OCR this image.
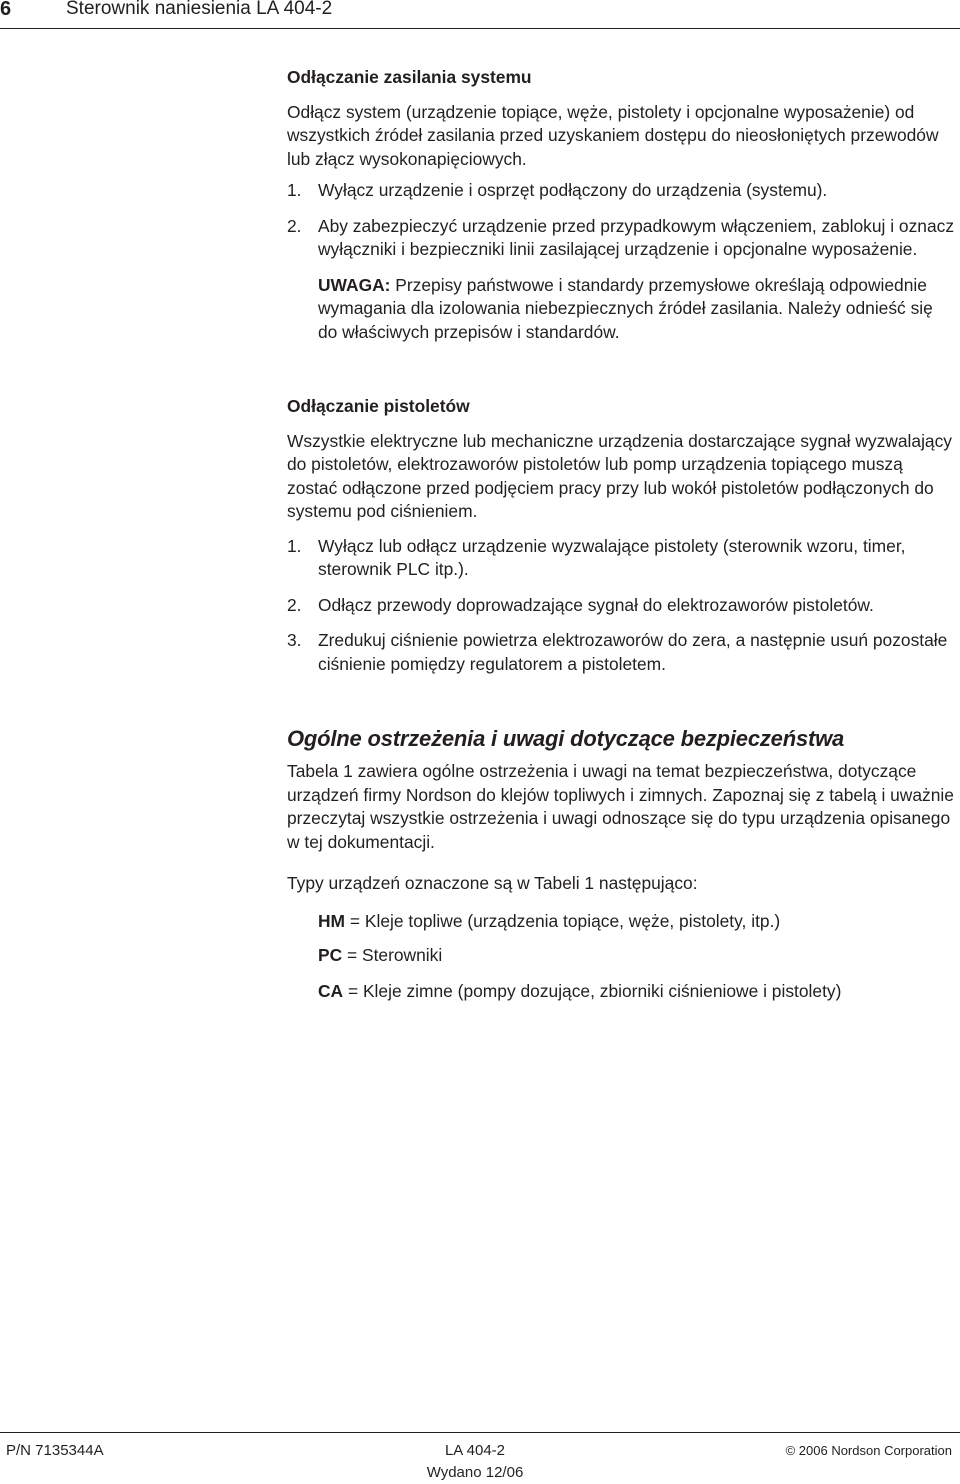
6	Sterownik naniesienia LA 404-2
Odłączanie zasilania systemu

Odłącz system (urządzenie topiące, węże, pistolety i opcjonalne wyposażenie) od wszystkich źródeł zasilania przed uzyskaniem dostępu do nieosłoniętych przewodów lub złącz wysokonapięciowych.

1. Wyłącz urządzenie i osprzęt podłączony do urządzenia (systemu).
2. Aby zabezpieczyć urządzenie przed przypadkowym włączeniem, zablokuj i oznacz wyłączniki i bezpieczniki linii zasilającej urządzenie i opcjonalne wyposażenie.

UWAGA: Przepisy państwowe i standardy przemysłowe określają odpowiednie wymagania dla izolowania niebezpiecznych źródeł zasilania. Należy odnieść się do właściwych przepisów i standardów.

Odłączanie pistoletów

Wszystkie elektryczne lub mechaniczne urządzenia dostarczające sygnał wyzwalający do pistoletów, elektrozaworów pistoletów lub pomp urządzenia topiącego muszą zostać odłączone przed podjęciem pracy przy lub wokół pistoletów podłączonych do systemu pod ciśnieniem.

1. Wyłącz lub odłącz urządzenie wyzwalające pistolety (sterownik wzoru, timer, sterownik PLC itp.).
2. Odłącz przewody doprowadzające sygnał do elektrozaworów pistoletów.
3. Zredukuj ciśnienie powietrza elektrozaworów do zera, a następnie usuń pozostałe ciśnienie pomiędzy regulatorem a pistoletem.
Ogólne ostrzeżenia i uwagi dotyczące bezpieczeństwa

Tabela 1 zawiera ogólne ostrzeżenia i uwagi na temat bezpieczeństwa, dotyczące urządzeń firmy Nordson do klejów topliwych i zimnych. Zapoznaj się z tabelą i uważnie przeczytaj wszystkie ostrzeżenia i uwagi odnoszące się do typu urządzenia opisanego w tej dokumentacji.

Typy urządzeń oznaczone są w Tabeli 1 następująco:

HM = Kleje topliwe (urządzenia topiące, węże, pistolety, itp.)
PC = Sterowniki
CA = Kleje zimne (pompy dozujące, zbiorniki ciśnieniowe i pistolety)
P/N 7135344A	LA 404-2
Wydano 12/06
© 2006 Nordson Corporation
